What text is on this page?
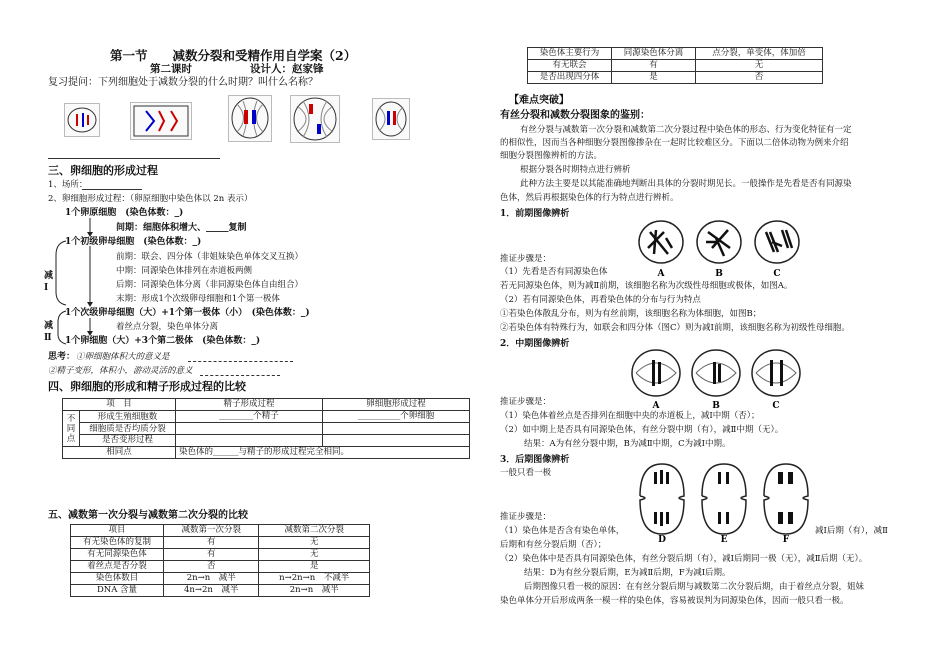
第一节　　减数分裂和受精作用自学案（2）
第二课时	设计人：赵家锋
复习提问：下列细胞处于减数分裂的什么时期？叫什么名称？
三、卵细胞的形成过程
1、场所：
2、卵细胞形成过程：（卵原细胞中染色体以 2n 表示）
1个卵原细胞　(染色体数：_)
间期：细胞体积增大、_____复制
1个初级卵母细胞　(染色体数：_)
前期：联会、四分体（非姐妹染色单体交叉互换）
中期：同源染色体排列在赤道板两侧
后期：同源染色体分离（非同源染色体自由组合）
末期：形成1个次级卵母细胞和1个第一极体
减Ⅰ
1个次级卵母细胞（大）+1个第一极体（小）　(染色体数：_)
着丝点分裂，染色单体分离
减Ⅱ 1个卵细胞（大）+3个第二极体　(染色体数：_)
思考： ①卵细胞体积大的意义是
②精子变形，体积小，游动灵活的意义
四、卵细胞的形成和精子形成过程的比较
项　目		精子形成过程	卵细胞形成过程
不同点	形成生殖细胞数	________个精子	__________个卵细胞
	细胞质是否均质分裂		
	是否变形过程		
相同点		染色体的______与精子的形成过程完全相同。	
五、减数第一次分裂与减数第二次分裂的比较
项目	减数第一次分裂	减数第二次分裂
有无染色体的复制	有	无
有无同源染色体	有	无
着丝点是否分裂	否	是
染色体数目	2n→n　减半	n→2n→n　不减半
DNA 含量	4n→2n　减半	2n→n　减半
染色体主要行为	同源染色体分离	点分裂，单变体，体加倍
有无联会	有	无
是否出现四分体	是	否
【难点突破】
有丝分裂和减数分裂图象的鉴别：
有丝分裂与减数第一次分裂和减数第二次分裂过程中染色体的形态、行为变化特征有一定
的相似性，因而当各种细胞分裂图像掺杂在一起时比较难区分。下面以二倍体动物为例来介绍
细胞分裂图像辨析的方法。
根据分裂各时期特点进行辨析
此种方法主要是以其能准确地判断出具体的分裂时期见长。一般操作是先看是否有同源染
色体，然后再根据染色体的行为特点进行辨析。
1．前期图像辨析
A	B	C
推证步骤是：
（1）先看是否有同源染色体
若无同源染色体，则为减Ⅱ前期，该细胞名称为次级性母细胞或极体，如图A。
（2）若有同源染色体，再看染色体的分布与行为特点
①若染色体散乱分布，则为有丝前期，该细胞名称为体细胞，如图B；
②若染色体有特殊行为，如联会和四分体（图C）则为减Ⅰ前期，该细胞名称为初级性母细胞。
2．中期图像辨析
A	B	C
推证步骤是：
（1）染色体着丝点是否排列在细胞中央的赤道板上，减Ⅰ中期（否）；
（2）如中期上是否具有同源染色体，有丝分裂中期（有），减Ⅱ中期（无）。
结果：A为有丝分裂中期，B为减Ⅱ中期，C为减Ⅰ中期。
3．后期图像辨析
一般只看一极
D	E	F
推证步骤是：
（1）染色体是否含有染色单体，	减Ⅰ后期（有），减Ⅱ
后期和有丝分裂后期（否）；
（2）染色体中是否具有同源染色体，有丝分裂后期（有），减Ⅰ后期同一极（无），减Ⅱ后期（无）。
结果：D为有丝分裂后期，E为减Ⅱ后期，F为减Ⅰ后期。
后期图像只看一极的原因：在有丝分裂后期与减数第二次分裂后期，由于着丝点分裂，姐妹
染色单体分开后形成两条一模一样的染色体，容易被误判为同源染色体，因而一般只看一极。
